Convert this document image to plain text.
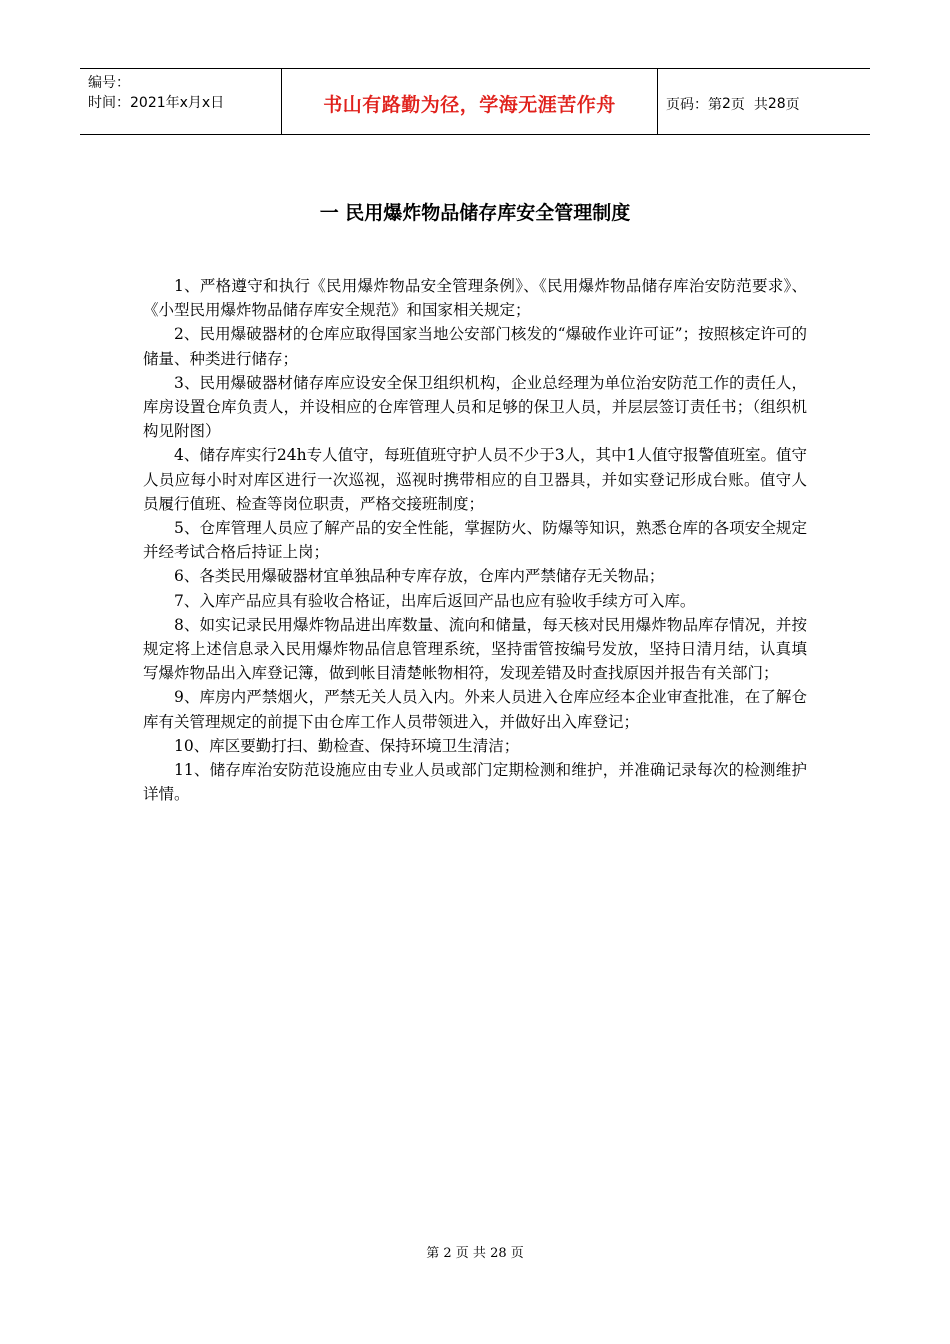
编号：
时间：2021年x月x日	书山有路勤为径，学海无涯苦作舟	页码：第 2 页  共 28 页
一 民用爆炸物品储存库安全管理制度

1、严格遵守和执行《民用爆炸物品安全管理条例》、《民用爆炸物品储存库治安防范要求》、《小型民用爆炸物品储存库安全规范》和国家相关规定；

2、民用爆破器材的仓库应取得国家当地公安部门核发的“爆破作业许可证”；按照核定许可的储量、种类进行储存；

3、民用爆破器材储存库应设安全保卫组织机构，企业总经理为单位治安防范工作的责任人，库房设置仓库负责人，并设相应的仓库管理人员和足够的保卫人员，并层层签订责任书；（组织机构见附图）

4、储存库实行24h专人值守，每班值班守护人员不少于3人，其中1人值守报警值班室。值守人员应每小时对库区进行一次巡视，巡视时携带相应的自卫器具，并如实登记形成台账。值守人员履行值班、检查等岗位职责，严格交接班制度；

5、仓库管理人员应了解产品的安全性能，掌握防火、防爆等知识，熟悉仓库的各项安全规定并经考试合格后持证上岗；

6、各类民用爆破器材宜单独品种专库存放，仓库内严禁储存无关物品；

7、入库产品应具有验收合格证，出库后返回产品也应有验收手续方可入库。

8、如实记录民用爆炸物品进出库数量、流向和储量，每天核对民用爆炸物品库存情况，并按规定将上述信息录入民用爆炸物品信息管理系统，坚持雷管按编号发放，坚持日清月结，认真填写爆炸物品出入库登记簿，做到帐目清楚帐物相符，发现差错及时查找原因并报告有关部门；

9、库房内严禁烟火，严禁无关人员入内。外来人员进入仓库应经本企业审查批准，在了解仓库有关管理规定的前提下由仓库工作人员带领进入，并做好出入库登记；

10、库区要勤打扫、勤检查、保持环境卫生清洁；

11、储存库治安防范设施应由专业人员或部门定期检测和维护，并准确记录每次的检测维护详情。

第 2 页 共 28 页
